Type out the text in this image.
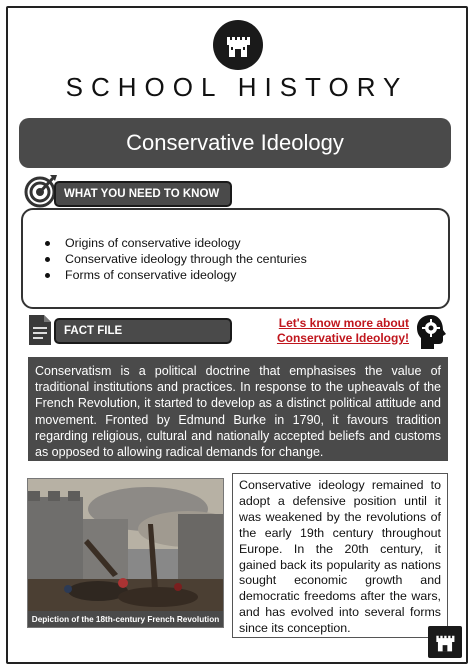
SCHOOL HISTORY
Conservative Ideology
WHAT YOU NEED TO KNOW
Origins of conservative ideology
Conservative ideology through the centuries
Forms of conservative ideology
FACT FILE
Let's know more about
Conservative Ideology!
Conservatism is a political doctrine that emphasises the value of traditional institutions and practices. In response to the upheavals of the French Revolution, it started to develop as a distinct political attitude and movement. Fronted by Edmund Burke in 1790, it favours tradition regarding religious, cultural and nationally accepted beliefs and customs as opposed to allowing radical demands for change.
Depiction of the 18th-century French Revolution
Conservative ideology remained to adopt a defensive position until it was weakened by the revolutions of the early 19th century throughout Europe. In the 20th century, it gained back its popularity as nations sought economic growth and democratic freedoms after the wars, and has evolved into several forms since its conception.
